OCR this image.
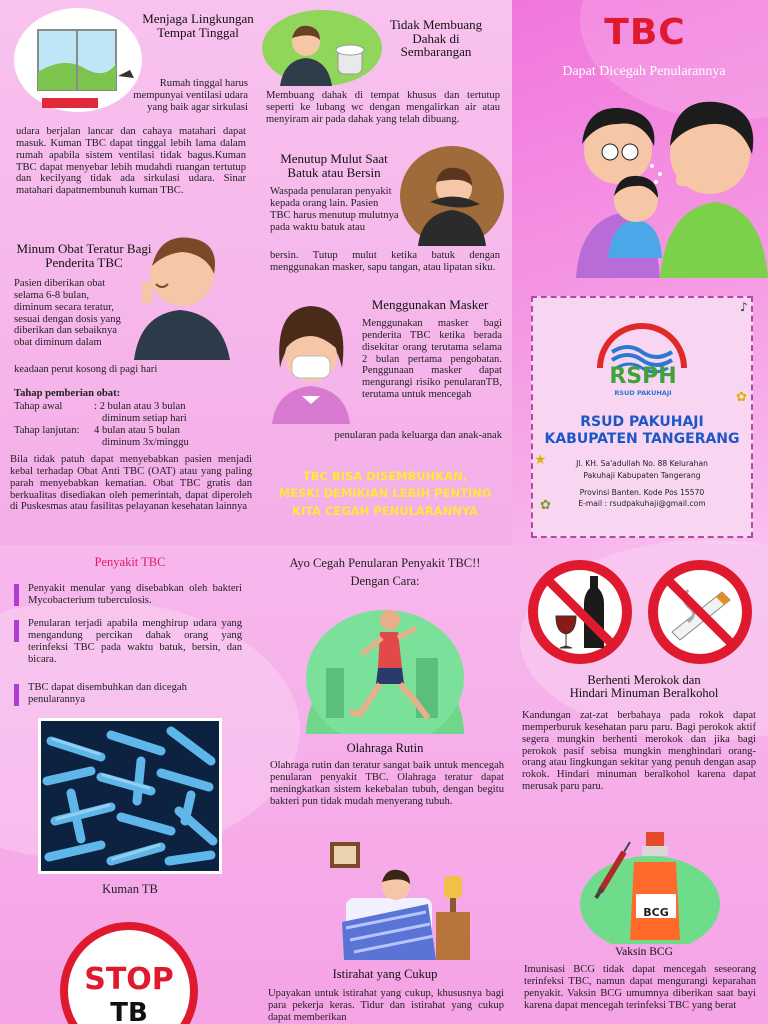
Menjaga Lingkungan Tempat Tinggal
Rumah tinggal harus mempunyai ventilasi udara yang baik agar sirkulasi
udara berjalan lancar dan cahaya matahari dapat masuk. Kuman TBC dapat tinggal lebih lama dalam rumah apabila sistem ventilasi tidak bagus.Kuman TBC dapat menyebar lebih mudahdi ruangan tertutup dan kecilyang tidak ada sirkulasi udara. Sinar matahari dapatmembunuh kuman TBC.
Minum Obat Teratur Bagi Penderita TBC
Pasien diberikan obat selama 6-8 bulan, diminum secara teratur, sesuai dengan dosis yang diberikan dan sebaiknya obat diminum dalam
keadaan perut kosong di pagi hari
Tahap pemberian obat:
Tahap awal	: 2 bulan atau 3 bulan
	diminum setiap hari
Tahap lanjutan:	4 bulan atau 5 bulan
	diminum 3x/minggu
Bila tidak patuh dapat menyebabkan pasien menjadi kebal terhadap Obat Anti TBC (OAT) atau yang paling parah menyebabkan kematian. Obat TBC gratis dan berkualitas disediakan oleh pemerintah, dapat diperoleh di Puskesmas atau fasilitas pelayanan kesehatan lainnya
Tidak Membuang Dahak di Sembarangan
Membuang dahak di tempat khusus dan tertutup seperti ke lubang wc dengan mengalirkan air atau menyiram air pada dahak yang telah dibuang.
Menutup Mulut Saat Batuk atau Bersin
Waspada penularan penyakit kepada orang lain. Pasien TBC harus menutup mulutnya pada waktu batuk atau
bersin. Tutup mulut ketika batuk dengan menggunakan masker, sapu tangan, atau lipatan siku.
Menggunakan Masker
Menggunakan masker bagi penderita TBC ketika berada disekitar orang terutama selama 2 bulan pertama pengobatan. Penggunaan masker dapat mengurangi risiko penularanTB, terutama untuk mencegah
penularan pada keluarga dan anak-anak
TBC BISA DISEMBUHKAN,
MESKI DEMIKIAN LEBIH PENTING
KITA CEGAH PENULARANNYA
TBC
Dapat Dicegah Penularannya
RSPH
RSUD PAKUHAJI
RSUD PAKUHAJI
KABUPATEN TANGERANG
Jl. KH. Sa'adullah No. 88 Kelurahan
Pakuhaji Kabupaten Tangerang
Provinsi Banten. Kode Pos 15570
E-mail : rsudpakuhaji@gmail.com
★
♪
✿
✿
Penyakit TBC
Penyakit menular yang disebabkan oleh bakteri Mycobacterium tuberculosis.
Penularan terjadi apabila menghirup udara yang mengandung percikan dahak orang yang terinfeksi TBC pada waktu batuk, bersin, dan bicara.
TBC dapat disembuhkan dan dicegah penularannya
Kuman TB
STOP
TB
Ayo Cegah Penularan Penyakit TBC!!
Dengan Cara:
Olahraga Rutin
Olahraga rutin dan teratur sangat baik untuk mencegah penularan penyakit TBC. Olahraga teratur dapat meningkatkan sistem kekebalan tubuh, dengan begitu bakteri pun tidak mudah menyerang tubuh.
Istirahat yang Cukup
Upayakan untuk istirahat yang cukup, khususnya bagi para pekerja keras. Tidur dan istirahat yang cukup dapat memberikan
Berhenti Merokok dan
Hindari Minuman Beralkohol
Kandungan zat-zat berbahaya pada rokok dapat memperburuk kesehatan paru paru. Bagi perokok aktif segera mungkin berhenti merokok dan jika bagi perokok pasif sebisa mungkin menghindari orang-orang atau lingkungan sekitar yang penuh dengan asap rokok. Hindari minuman beralkohol karena dapat merusak paru paru.
BCG
Vaksin BCG
Imunisasi BCG tidak dapat mencegah seseorang terinfeksi TBC, namun dapat mengurangi keparahan penyakit. Vaksin BCG umumnya diberikan saat bayi karena dapat mencegah terinfeksi TBC yang berat
